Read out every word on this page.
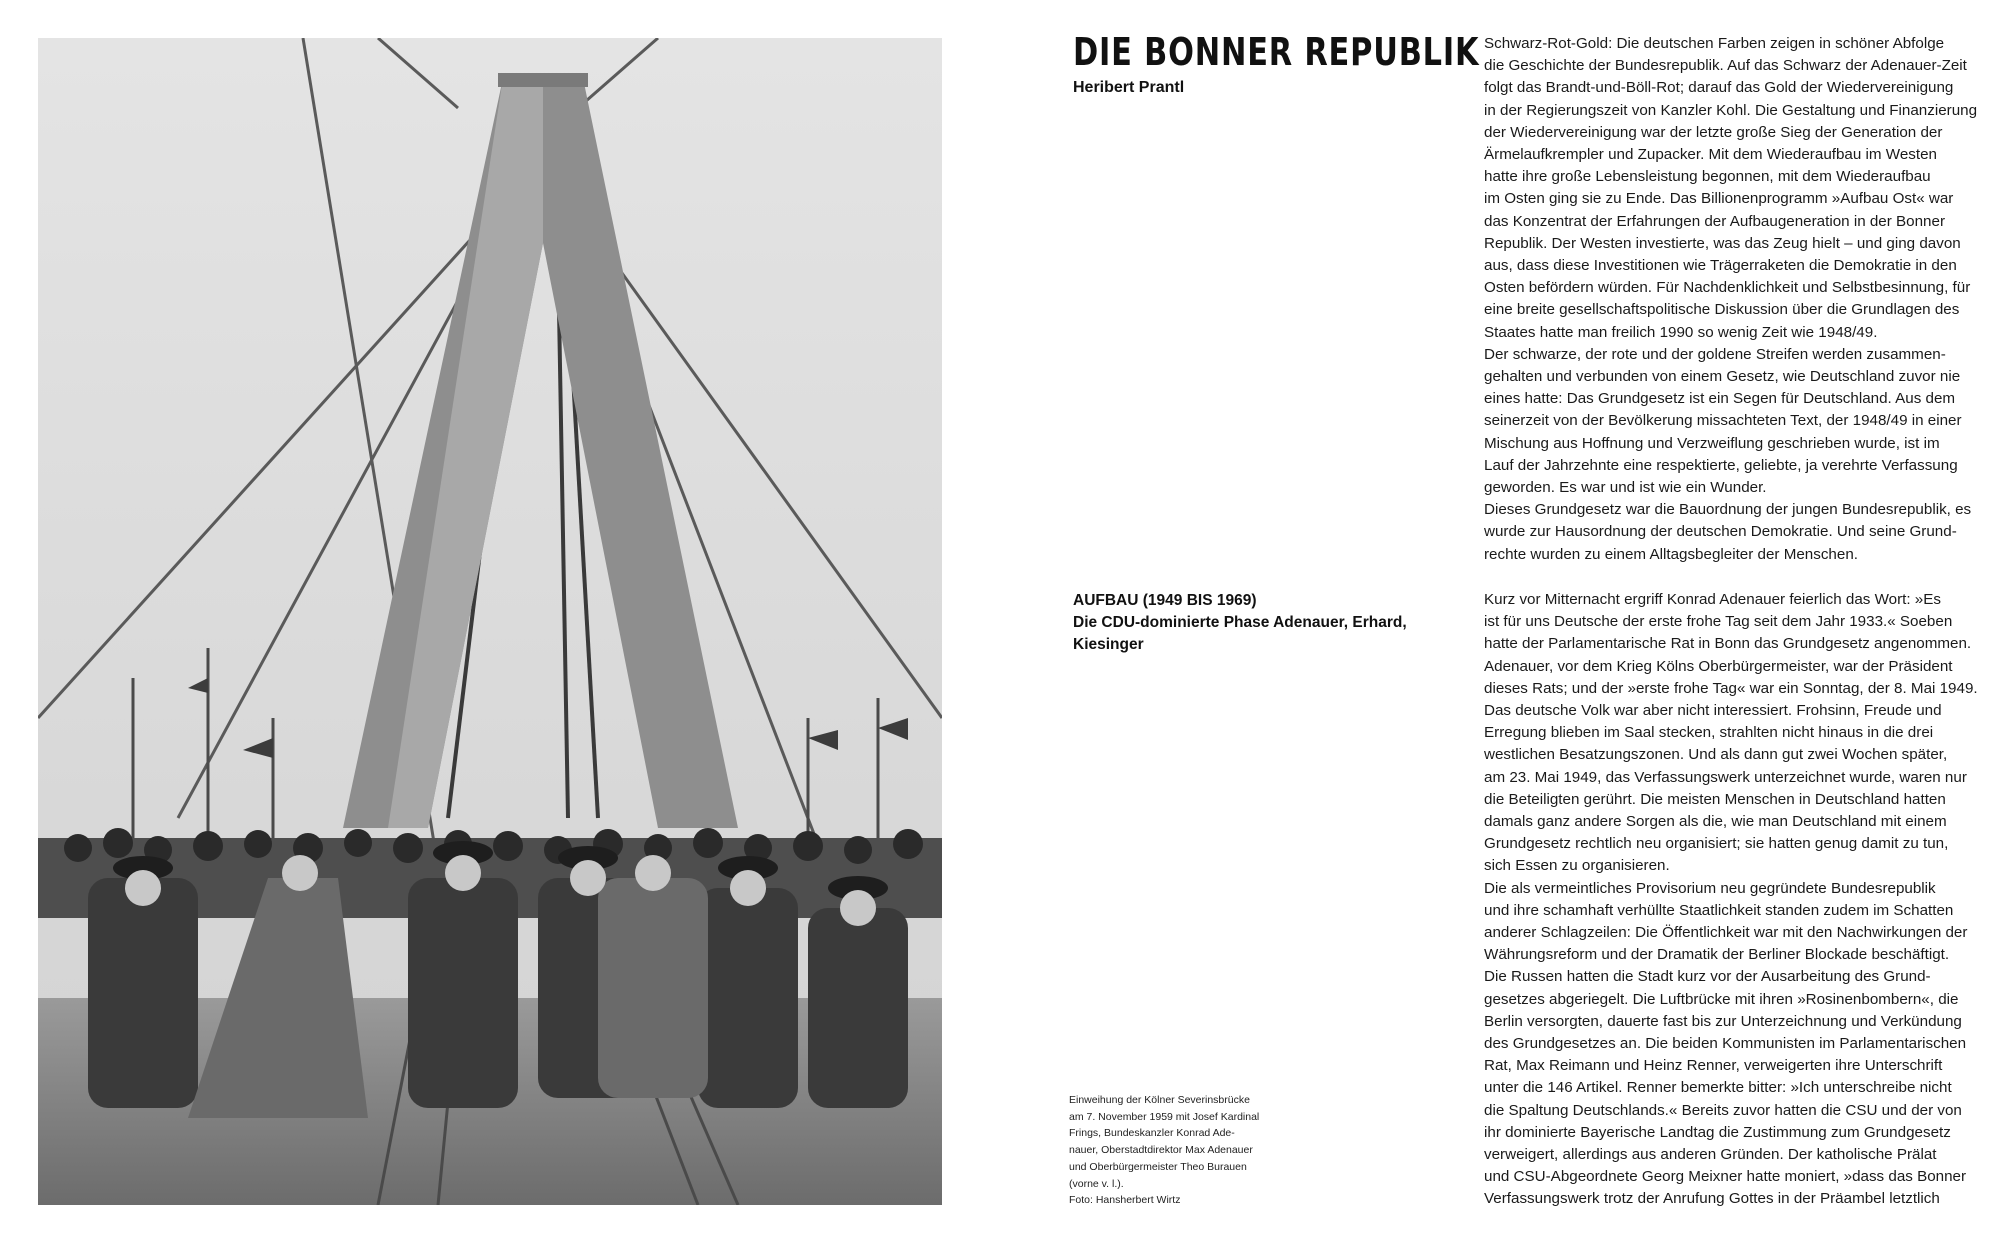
DIE BONNER REPUBLIK

Heribert Prantl

AUFBAU (1949 BIS 1969)
Die CDU-dominierte Phase Adenauer, Erhard,
Kiesinger
Einweihung der Kölner Severinsbrücke
am 7. November 1959 mit Josef Kardinal
Frings, Bundeskanzler Konrad Ade-
nauer, Oberstadtdirektor Max Adenauer
und Oberbürgermeister Theo Burauen
(vorne v. l.).
Foto: Hansherbert Wirtz
Schwarz-Rot-Gold: Die deutschen Farben zeigen in schöner Abfolge
die Geschichte der Bundesrepublik. Auf das Schwarz der Adenauer-Zeit
folgt das Brandt-und-Böll-Rot; darauf das Gold der Wiedervereinigung
in der Regierungszeit von Kanzler Kohl. Die Gestaltung und Finanzierung
der Wiedervereinigung war der letzte große Sieg der Generation der
Ärmelaufkrempler und Zupacker. Mit dem Wiederaufbau im Westen
hatte ihre große Lebensleistung begonnen, mit dem Wiederaufbau
im Osten ging sie zu Ende. Das Billionenprogramm »Aufbau Ost« war
das Konzentrat der Erfahrungen der Aufbaugeneration in der Bonner
Republik. Der Westen investierte, was das Zeug hielt – und ging davon
aus, dass diese Investitionen wie Trägerraketen die Demokratie in den
Osten befördern würden. Für Nachdenklichkeit und Selbstbesinnung, für
eine breite gesellschaftspolitische Diskussion über die Grundlagen des
Staates hatte man freilich 1990 so wenig Zeit wie 1948/49.
Der schwarze, der rote und der goldene Streifen werden zusammen-
gehalten und verbunden von einem Gesetz, wie Deutschland zuvor nie
eines hatte: Das Grundgesetz ist ein Segen für Deutschland. Aus dem
seinerzeit von der Bevölkerung missachteten Text, der 1948/49 in einer
Mischung aus Hoffnung und Verzweiflung geschrieben wurde, ist im
Lauf der Jahrzehnte eine respektierte, geliebte, ja verehrte Verfassung
geworden. Es war und ist wie ein Wunder.
Dieses Grundgesetz war die Bauordnung der jungen Bundesrepublik, es
wurde zur Hausordnung der deutschen Demokratie. Und seine Grund-
rechte wurden zu einem Alltagsbegleiter der Menschen.
Kurz vor Mitternacht ergriff Konrad Adenauer feierlich das Wort: »Es
ist für uns Deutsche der erste frohe Tag seit dem Jahr 1933.« Soeben
hatte der Parlamentarische Rat in Bonn das Grundgesetz angenommen.
Adenauer, vor dem Krieg Kölns Oberbürgermeister, war der Präsident
dieses Rats; und der »erste frohe Tag« war ein Sonntag, der 8. Mai 1949.
Das deutsche Volk war aber nicht interessiert. Frohsinn, Freude und
Erregung blieben im Saal stecken, strahlten nicht hinaus in die drei
westlichen Besatzungszonen. Und als dann gut zwei Wochen später,
am 23. Mai 1949, das Verfassungswerk unterzeichnet wurde, waren nur
die Beteiligten gerührt. Die meisten Menschen in Deutschland hatten
damals ganz andere Sorgen als die, wie man Deutschland mit einem
Grundgesetz rechtlich neu organisiert; sie hatten genug damit zu tun,
sich Essen zu organisieren.
Die als vermeintliches Provisorium neu gegründete Bundesrepublik
und ihre schamhaft verhüllte Staatlichkeit standen zudem im Schatten
anderer Schlagzeilen: Die Öffentlichkeit war mit den Nachwirkungen der
Währungsreform und der Dramatik der Berliner Blockade beschäftigt.
Die Russen hatten die Stadt kurz vor der Ausarbeitung des Grund-
gesetzes abgeriegelt. Die Luftbrücke mit ihren »Rosinenbombern«, die
Berlin versorgten, dauerte fast bis zur Unterzeichnung und Verkündung
des Grundgesetzes an. Die beiden Kommunisten im Parlamentarischen
Rat, Max Reimann und Heinz Renner, verweigerten ihre Unterschrift
unter die 146 Artikel. Renner bemerkte bitter: »Ich unterschreibe nicht
die Spaltung Deutschlands.« Bereits zuvor hatten die CSU und der von
ihr dominierte Bayerische Landtag die Zustimmung zum Grundgesetz
verweigert, allerdings aus anderen Gründen. Der katholische Prälat
und CSU-Abgeordnete Georg Meixner hatte moniert, »dass das Bonner
Verfassungswerk trotz der Anrufung Gottes in der Präambel letztlich
